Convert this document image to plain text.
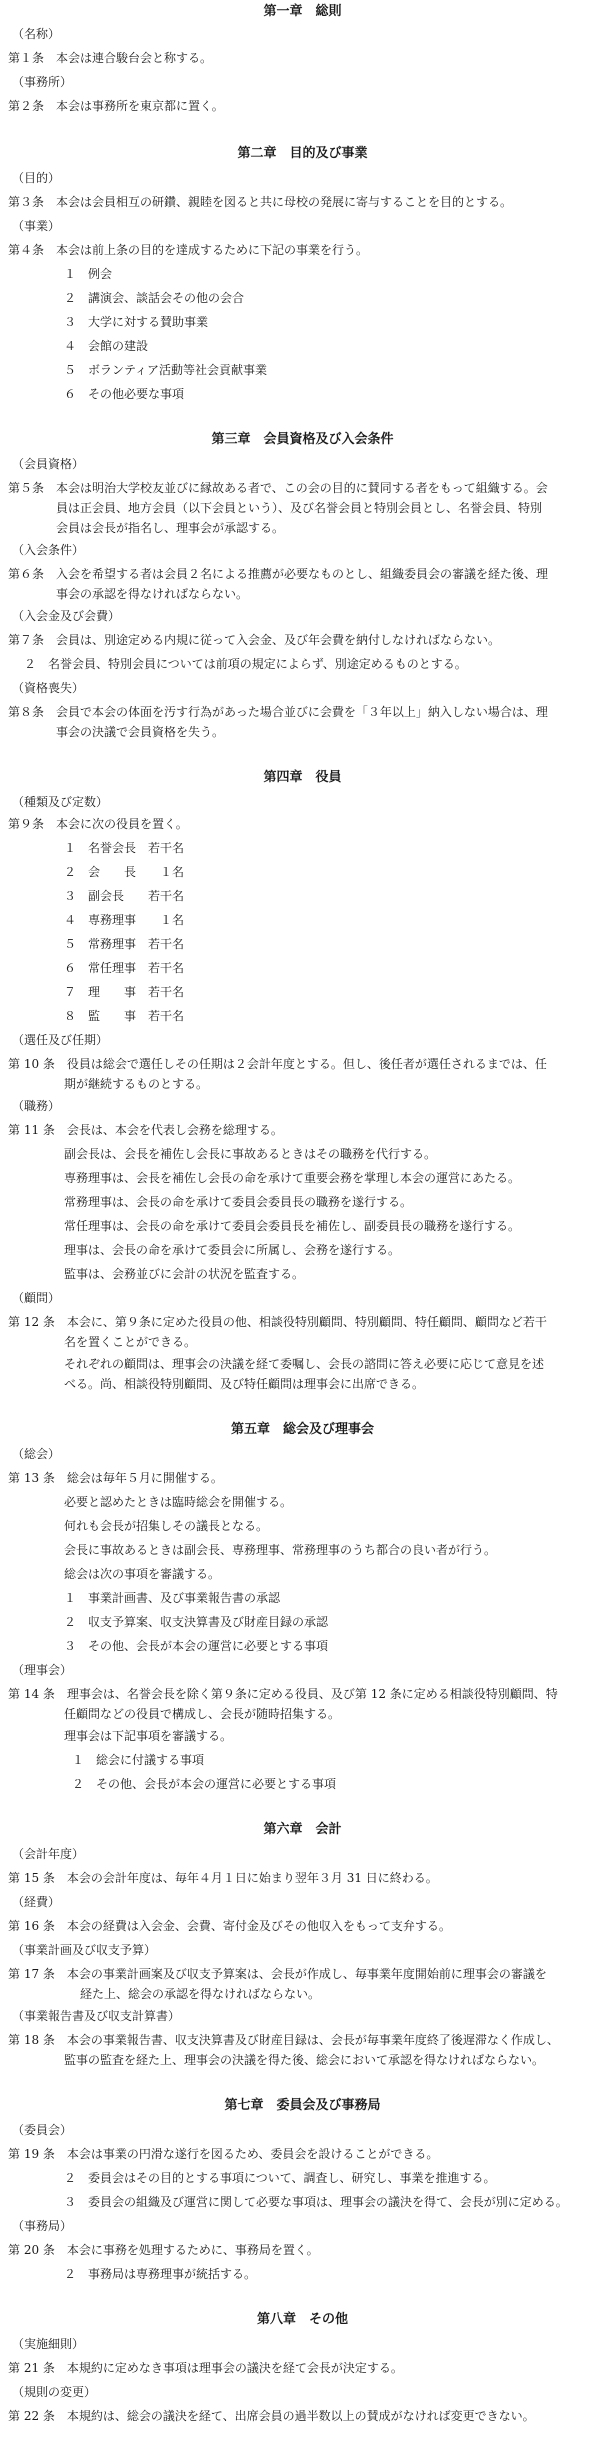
第一章　総則
（名称）
第１条　本会は連合駿台会と称する。
（事務所）
第２条　本会は事務所を東京都に置く。
第二章　目的及び事業
（目的）
第３条　本会は会員相互の研鑽、親睦を図ると共に母校の発展に寄与することを目的とする。
（事業）
第４条　本会は前上条の目的を達成するために下記の事業を行う。
１　例会
２　講演会、談話会その他の会合
３　大学に対する賛助事業
４　会館の建設
５　ボランティア活動等社会貢献事業
６　その他必要な事項
第三章　会員資格及び入会条件
（会員資格）
第５条　本会は明治大学校友並びに縁故ある者で、この会の目的に賛同する者をもって組織する。会
員は正会員、地方会員（以下会員という）、及び名誉会員と特別会員とし、名誉会員、特別
会員は会長が指名し、理事会が承認する。
（入会条件）
第６条　入会を希望する者は会員２名による推薦が必要なものとし、組織委員会の審議を経た後、理
事会の承認を得なければならない。
（入会金及び会費）
第７条　会員は、別途定める内規に従って入会金、及び年会費を納付しなければならない。
２　名誉会員、特別会員については前項の規定によらず、別途定めるものとする。
（資格喪失）
第８条　会員で本会の体面を汚す行為があった場合並びに会費を「３年以上」納入しない場合は、理
事会の決議で会員資格を失う。
第四章　役員
（種類及び定数）
第９条　本会に次の役員を置く。
１　名誉会長　若干名
２　会　　長　　１名
３　副会長　　若干名
４　専務理事　　１名
５　常務理事　若干名
６　常任理事　若干名
７　理　　事　若干名
８　監　　事　若干名
（選任及び任期）
第 10 条　役員は総会で選任しその任期は２会計年度とする。但し、後任者が選任されるまでは、任
期が継続するものとする。
（職務）
第 11 条　会長は、本会を代表し会務を総理する。
副会長は、会長を補佐し会長に事故あるときはその職務を代行する。
専務理事は、会長を補佐し会長の命を承けて重要会務を掌理し本会の運営にあたる。
常務理事は、会長の命を承けて委員会委員長の職務を遂行する。
常任理事は、会長の命を承けて委員会委員長を補佐し、副委員長の職務を遂行する。
理事は、会長の命を承けて委員会に所属し、会務を遂行する。
監事は、会務並びに会計の状況を監査する。
（顧問）
第 12 条　本会に、第９条に定めた役員の他、相談役特別顧問、特別顧問、特任顧問、顧問など若干
名を置くことができる。
それぞれの顧問は、理事会の決議を経て委嘱し、会長の諮問に答え必要に応じて意見を述
べる。尚、相談役特別顧問、及び特任顧問は理事会に出席できる。
第五章　総会及び理事会
（総会）
第 13 条　総会は毎年５月に開催する。
必要と認めたときは臨時総会を開催する。
何れも会長が招集しその議長となる。
会長に事故あるときは副会長、専務理事、常務理事のうち都合の良い者が行う。
総会は次の事項を審議する。
１　事業計画書、及び事業報告書の承認
２　収支予算案、収支決算書及び財産目録の承認
３　その他、会長が本会の運営に必要とする事項
（理事会）
第 14 条　理事会は、名誉会長を除く第９条に定める役員、及び第 12 条に定める相談役特別顧問、特
任顧問などの役員で構成し、会長が随時招集する。
理事会は下記事項を審議する。
１　総会に付議する事項
２　その他、会長が本会の運営に必要とする事項
第六章　会計
（会計年度）
第 15 条　本会の会計年度は、毎年４月１日に始まり翌年３月 31 日に終わる。
（経費）
第 16 条　本会の経費は入会金、会費、寄付金及びその他収入をもって支弁する。
（事業計画及び収支予算）
第 17 条　本会の事業計画案及び収支予算案は、会長が作成し、毎事業年度開始前に理事会の審議を
経た上、総会の承認を得なければならない。
（事業報告書及び収支計算書）
第 18 条　本会の事業報告書、収支決算書及び財産目録は、会長が毎事業年度終了後遅滞なく作成し、
監事の監査を経た上、理事会の決議を得た後、総会において承認を得なければならない。
第七章　委員会及び事務局
（委員会）
第 19 条　本会は事業の円滑な遂行を図るため、委員会を設けることができる。
２　委員会はその目的とする事項について、調査し、研究し、事業を推進する。
３　委員会の組織及び運営に関して必要な事項は、理事会の議決を得て、会長が別に定める。
（事務局）
第 20 条　本会に事務を処理するために、事務局を置く。
２　事務局は専務理事が統括する。
第八章　その他
（実施細則）
第 21 条　本規約に定めなき事項は理事会の議決を経て会長が決定する。
（規則の変更）
第 22 条　本規約は、総会の議決を経て、出席会員の過半数以上の賛成がなければ変更できない。
